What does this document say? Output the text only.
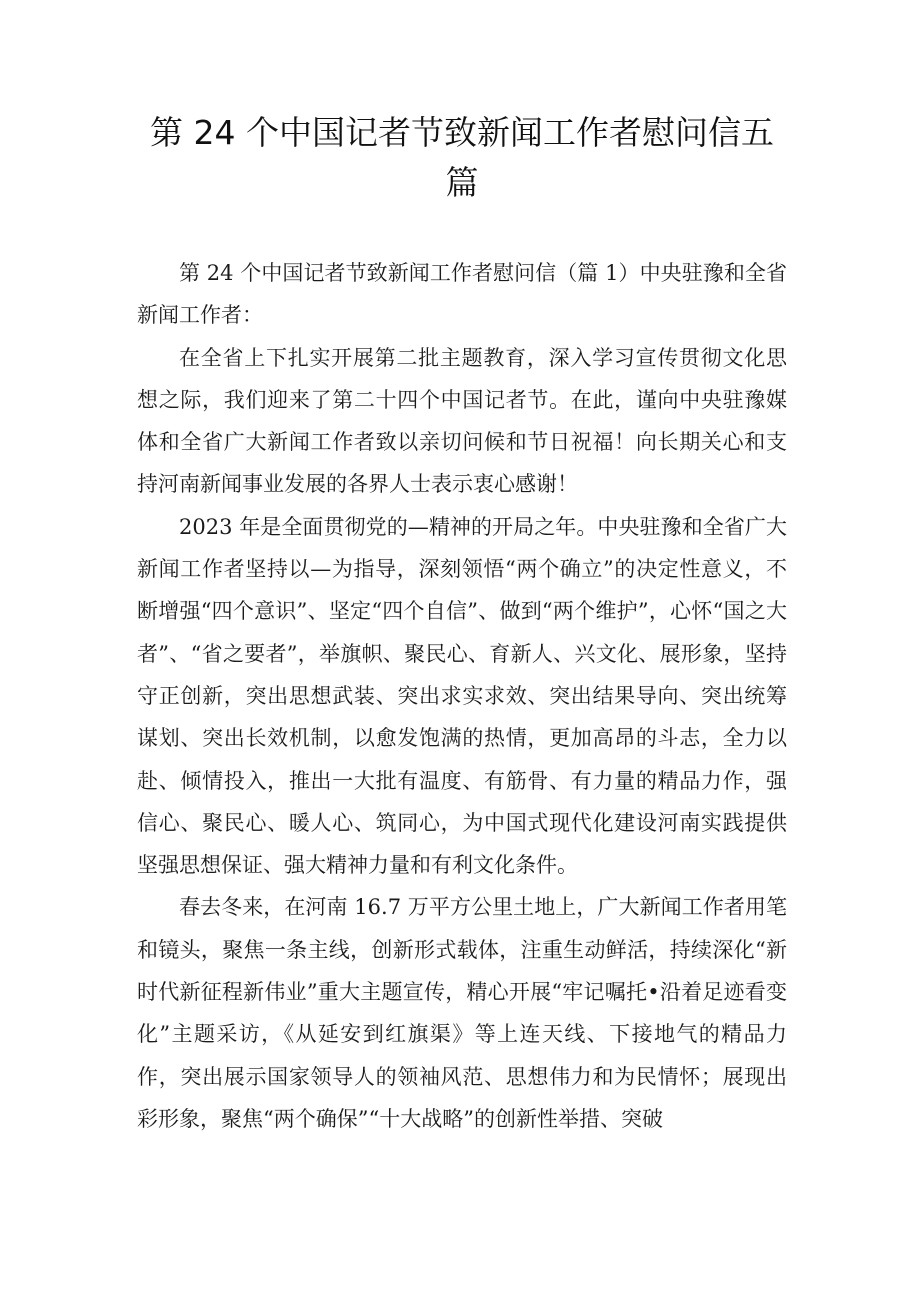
第 24 个中国记者节致新闻工作者慰问信五篇

第 24 个中国记者节致新闻工作者慰问信（篇 1）中央驻豫和全省新闻工作者：

在全省上下扎实开展第二批主题教育，深入学习宣传贯彻文化思想之际，我们迎来了第二十四个中国记者节。在此，谨向中央驻豫媒体和全省广大新闻工作者致以亲切问候和节日祝福！向长期关心和支持河南新闻事业发展的各界人士表示衷心感谢！

2023 年是全面贯彻党的—精神的开局之年。中央驻豫和全省广大新闻工作者坚持以—为指导，深刻领悟“两个确立”的决定性意义，不断增强“四个意识”、坚定“四个自信”、做到“两个维护”，心怀“国之大者”、“省之要者”，举旗帜、聚民心、育新人、兴文化、展形象，坚持守正创新，突出思想武装、突出求实求效、突出结果导向、突出统筹谋划、突出长效机制，以愈发饱满的热情，更加高昂的斗志，全力以赴、倾情投入，推出一大批有温度、有筋骨、有力量的精品力作，强信心、聚民心、暖人心、筑同心，为中国式现代化建设河南实践提供坚强思想保证、强大精神力量和有利文化条件。

春去冬来，在河南 16.7 万平方公里土地上，广大新闻工作者用笔和镜头，聚焦一条主线，创新形式载体，注重生动鲜活，持续深化“新时代新征程新伟业”重大主题宣传，精心开展“牢记嘱托•沿着足迹看变化”主题采访，《从延安到红旗渠》等上连天线、下接地气的精品力作，突出展示国家领导人的领袖风范、思想伟力和为民情怀；展现出彩形象，聚焦“两个确保”“十大战略”的创新性举措、突破
